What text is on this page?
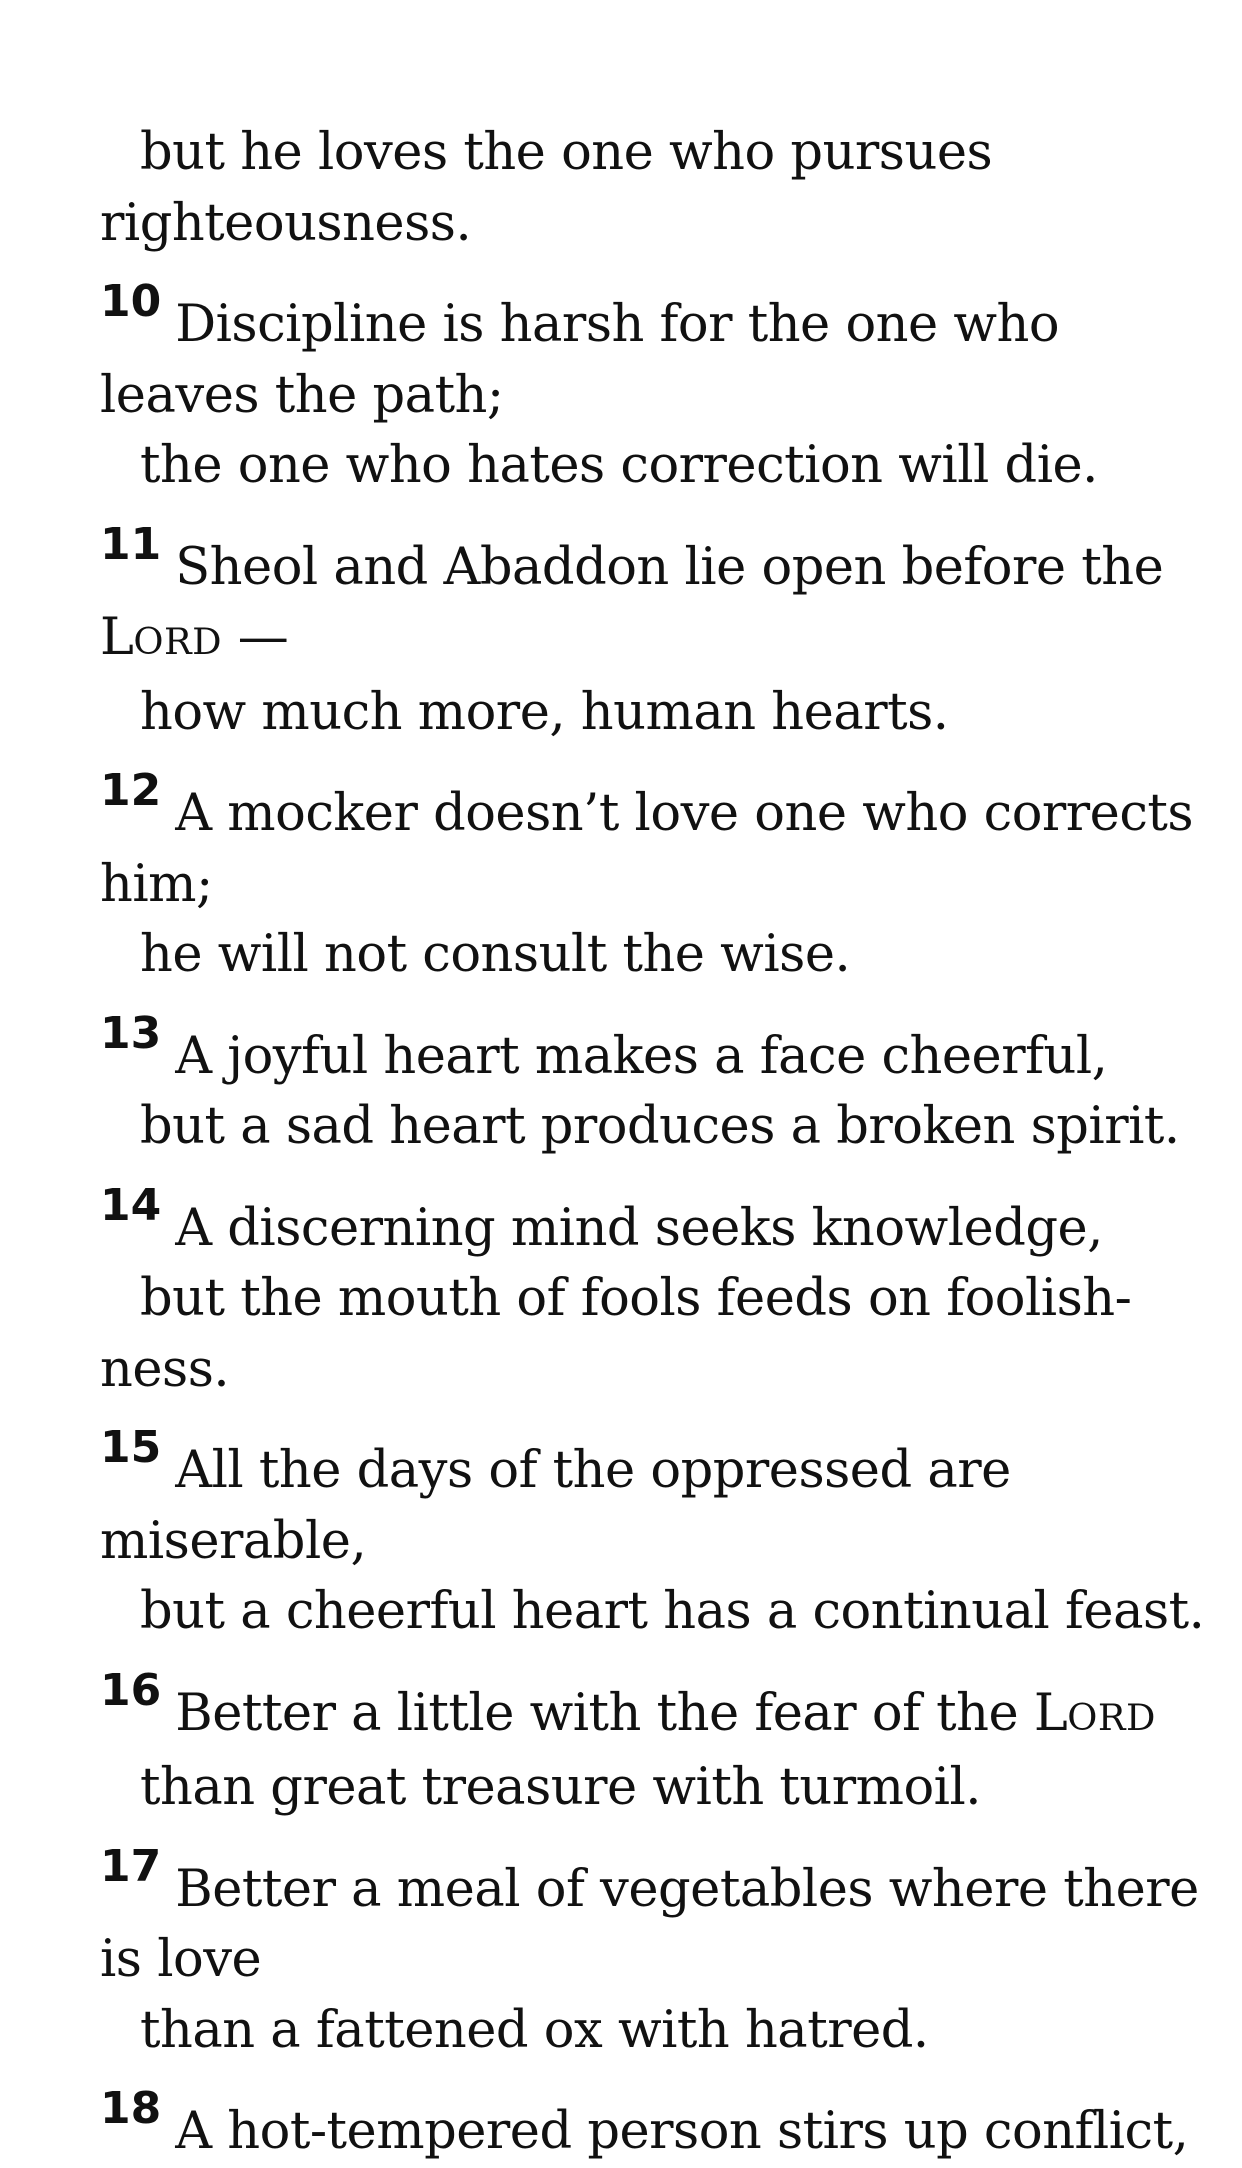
but he loves the one who pursues
righteousness.
10 Discipline is harsh for the one who
leaves the path;
the one who hates correction will die.
11 Sheol and Abaddon lie open before the
LORD —
how much more, human hearts.
12 A mocker doesn’t love one who corrects
him;
he will not consult the wise.
13 A joyful heart makes a face cheerful,
but a sad heart produces a broken spirit.
14 A discerning mind seeks knowledge,
but the mouth of fools feeds on foolish-
ness.
15 All the days of the oppressed are
miserable,
but a cheerful heart has a continual feast.
16 Better a little with the fear of the LORD
than great treasure with turmoil.
17 Better a meal of vegetables where there
is love
than a fattened ox with hatred.
18 A hot-tempered person stirs up conflict,
